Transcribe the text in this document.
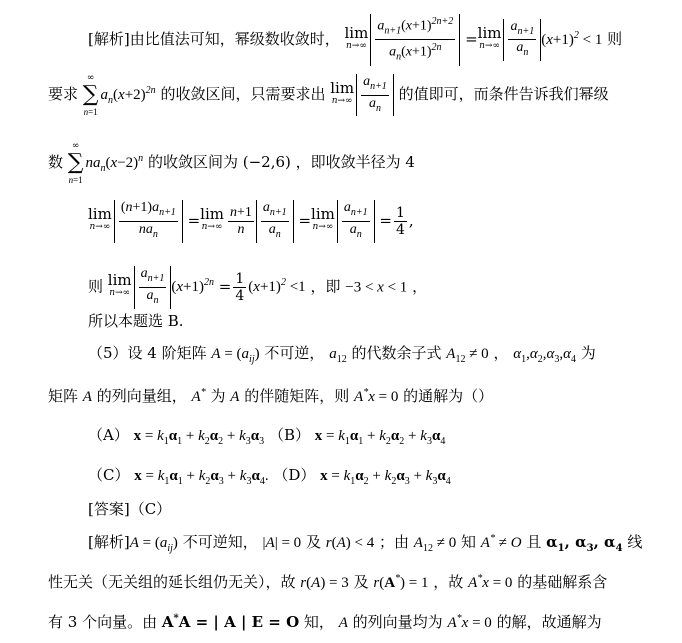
[解析]由比值法可知，幂级数收敛时， lim
$n\to\infty \frac{a_{n+1}(x+1)^{2n+2}}{a_n(x+1)^{2n}} = \lim$
$n\to\infty \frac{a_{n+1}}{a_n} (x+1)^2 < 1$ 则
要求
∞
∑
n=1
$a_n(x+2)^{2n}$ 的收敛区间，只需要求出 lim
$n\to\infty \frac{a_{n+1}}{a_n}$ 的值即可，而条件告诉我们幂级
数
∞
∑
n=1
$na_n(x-2)^n$ 的收敛区间为 (−2,6) ，即收敛半径为 4
lim
$n\to\infty \frac{(n+1)a_{n+1}}{na_n} = \lim$
$n\to\infty \frac{n+1}{n} \frac{a_{n+1}}{a_n} = \lim$
$n\to\infty \frac{a_{n+1}}{a_n} = \frac{1}{4}$ ,
则 lim
$n\to\infty \frac{a_{n+1}}{a_n} (x+1)^{2n} = \frac{1}{4} (x+1)^2 <1$ ，即 −3 < x < 1 ，
所以本题选 B.
（5）设 4 阶矩阵 $A = (a_{ij})$ 不可逆， $a_{12}$ 的代数余子式 $A_{12} \ne 0$ ， $\alpha_1,\alpha_2,\alpha_3,\alpha_4$ 为
矩阵 A 的列向量组， A* 为 A 的伴随矩阵，则 A*x = 0 的通解为（）
（A） $x = k_1\alpha_1 + k_2\alpha_2 + k_3\alpha_3$ （B） $x = k_1\alpha_1 + k_2\alpha_2 + k_3\alpha_4$
（C） $x = k_1\alpha_1 + k_2\alpha_3 + k_3\alpha_4$. （D） $x = k_1\alpha_2 + k_2\alpha_3 + k_3\alpha_4$
[答案]（C）
[解析]$A = (a_{ij})$ 不可逆知， |A| = 0 及 r(A) < 4 ；由 $A_{12} \ne 0$ 知 A* ≠ O 且 $\alpha_1$, $\alpha_3$, $\alpha_4$ 线
性无关（无关组的延长组仍无关），故 r(A) = 3 及 r(A*) = 1 ，故 A*x = 0 的基础解系含
有 3 个向量。由 A*A = | A | E = O 知， A 的列向量均为 A*x = 0 的解，故通解为
